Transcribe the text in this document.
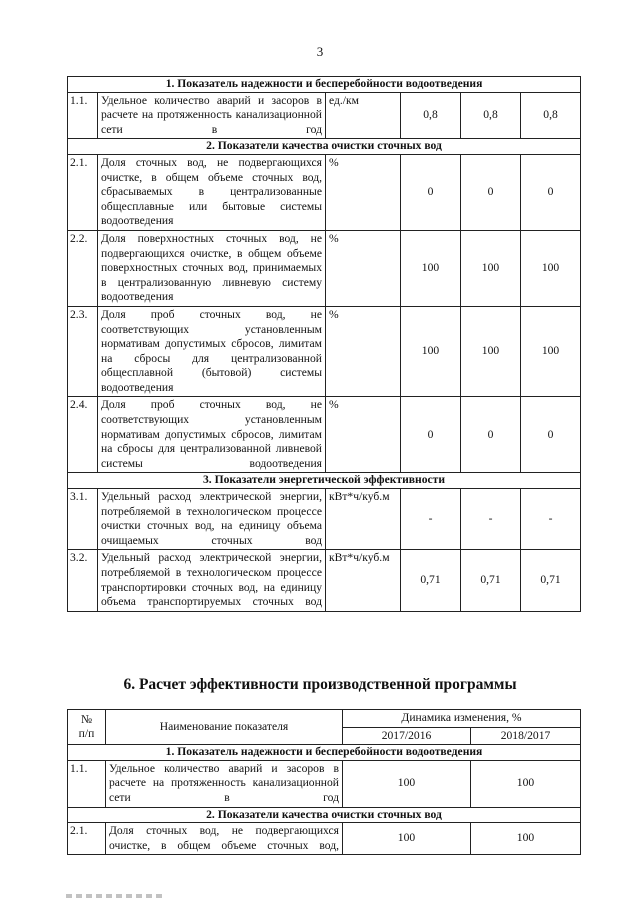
3
1. Показатель надежности и бесперебойности водоотведения					
1.1.	Удельное количество аварий и засоров в расчете на протяженность канализационной сети в год	ед./км	0,8	0,8	0,8
2. Показатели качества очистки сточных вод					
2.1.	Доля сточных вод, не подвергающихся очистке, в общем объеме сточных вод, сбрасываемых в централизованные общесплавные или бытовые системы водоотведения	%	0	0	0
2.2.	Доля поверхностных сточных вод, не подвергающихся очистке, в общем объеме поверхностных сточных вод, принимаемых в централизованную ливневую систему водоотведения	%	100	100	100
2.3.	Доля проб сточных вод, не соответствующих установленным нормативам допустимых сбросов, лимитам на сбросы для централизованной общесплавной (бытовой) системы водоотведения	%	100	100	100
2.4.	Доля проб сточных вод, не соответствующих установленным нормативам допустимых сбросов, лимитам на сбросы для централизованной ливневой системы водоотведения	%	0	0	0
3. Показатели энергетической эффективности					
3.1.	Удельный расход электрической энергии, потребляемой в технологическом процессе очистки сточных вод, на единицу объема очищаемых сточных вод	кВт*ч/куб.м	-	-	-
3.2.	Удельный расход электрической энергии, потребляемой в технологическом процессе транспортировки сточных вод, на единицу объема транспортируемых сточных вод	кВт*ч/куб.м	0,71	0,71	0,71
6. Расчет эффективности производственной программы
№
п/п	Наименование показателя	Динамика изменения, %	
		2017/2016	2018/2017
1. Показатель надежности и бесперебойности водоотведения			
1.1.	Удельное количество аварий и засоров в расчете на протяженность канализационной сети в год	100	100
2. Показатели качества очистки сточных вод			
2.1.	Доля сточных вод, не подвергающихся очистке, в общем объеме сточных вод,	100	100
